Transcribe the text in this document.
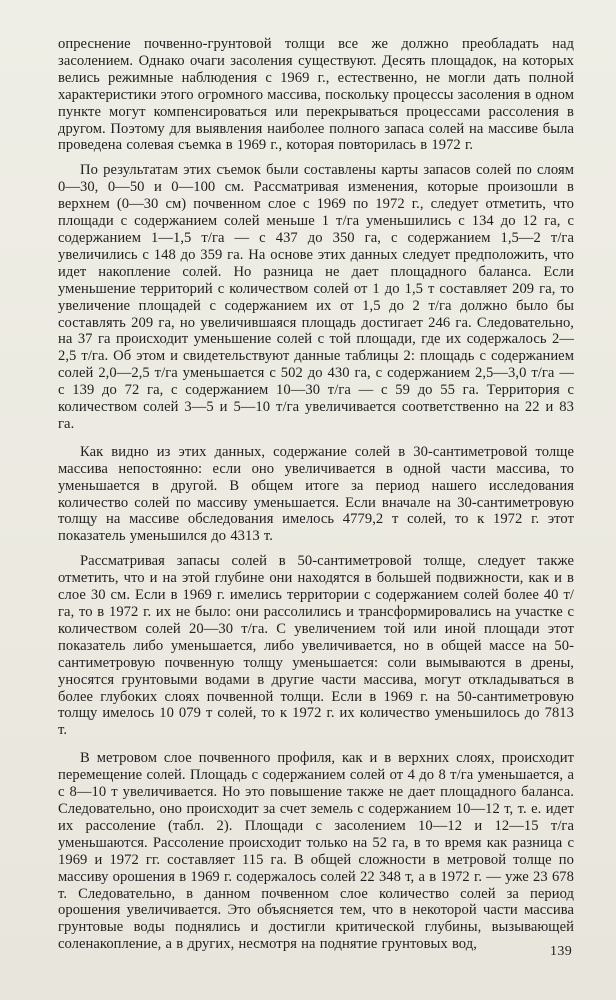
опреснение почвенно-грунтовой толщи все же должно преобладать над засолением. Однако очаги засоления существуют. Десять площадок, на которых велись режимные наблюдения с 1969 г., естественно, не могли дать полной характеристики этого огромного массива, поскольку процессы засоления в одном пункте могут компенсироваться или перекрываться процессами рассоления в другом. Поэтому для выявления наиболее полного запаса солей на массиве была проведена солевая съемка в 1969 г., которая повторилась в 1972 г.

По результатам этих съемок были составлены карты запасов солей по слоям 0—30, 0—50 и 0—100 см. Рассматривая изменения, которые произошли в верхнем (0—30 см) почвенном слое с 1969 по 1972 г., следует отметить, что площади с содержанием солей меньше 1 т/га уменьшились с 134 до 12 га, с содержанием 1—1,5 т/га — с 437 до 350 га, с содержанием 1,5—2 т/га увеличились с 148 до 359 га. На основе этих данных следует предположить, что идет накопление солей. Но разница не дает площадного баланса. Если уменьшение территорий с количеством солей от 1 до 1,5 т составляет 209 га, то увеличение площадей с содержанием их от 1,5 до 2 т/га должно было бы составлять 209 га, но увеличившаяся площадь достигает 246 га. Следовательно, на 37 га происходит уменьшение солей с той площади, где их содержалось 2—2,5 т/га. Об этом и свидетельствуют данные таблицы 2: площадь с содержанием солей 2,0—2,5 т/га уменьшается с 502 до 430 га, с содержанием 2,5—3,0 т/га — с 139 до 72 га, с содержанием 10—30 т/га — с 59 до 55 га. Территория с количеством солей 3—5 и 5—10 т/га увеличивается соответственно на 22 и 83 га.

Как видно из этих данных, содержание солей в 30-сантиметровой толще массива непостоянно: если оно увеличивается в одной части массива, то уменьшается в другой. В общем итоге за период нашего исследования количество солей по массиву уменьшается. Если вначале на 30-сантиметровую толщу на массиве обследования имелось 4779,2 т солей, то к 1972 г. этот показатель уменьшился до 4313 т.

Рассматривая запасы солей в 50-сантиметровой толще, следует также отметить, что и на этой глубине они находятся в большей подвижности, как и в слое 30 см. Если в 1969 г. имелись территории с содержанием солей более 40 т/га, то в 1972 г. их не было: они рассолились и трансформировались на участке с количеством солей 20—30 т/га. С увеличением той или иной площади этот показатель либо уменьшается, либо увеличивается, но в общей массе на 50-сантиметровую почвенную толщу уменьшается: соли вымываются в дрены, уносятся грунтовыми водами в другие части массива, могут откладываться в более глубоких слоях почвенной толщи. Если в 1969 г. на 50-сантиметровую толщу имелось 10 079 т солей, то к 1972 г. их количество уменьшилось до 7813 т.

В метровом слое почвенного профиля, как и в верхних слоях, происходит перемещение солей. Площадь с содержанием солей от 4 до 8 т/га уменьшается, а с 8—10 т увеличивается. Но это повышение также не дает площадного баланса. Следовательно, оно происходит за счет земель с содержанием 10—12 т, т. е. идет их рассоление (табл. 2). Площади с засолением 10—12 и 12—15 т/га уменьшаются. Рассоление происходит только на 52 га, в то время как разница с 1969 и 1972 гг. составляет 115 га. В общей сложности в метровой толще по массиву орошения в 1969 г. содержалось солей 22 348 т, а в 1972 г. — уже 23 678 т. Следовательно, в данном почвенном слое количество солей за период орошения увеличивается. Это объясняется тем, что в некоторой части массива грунтовые воды поднялись и достигли критической глубины, вызывающей соленакопление, а в других, несмотря на поднятие грунтовых вод,	139
